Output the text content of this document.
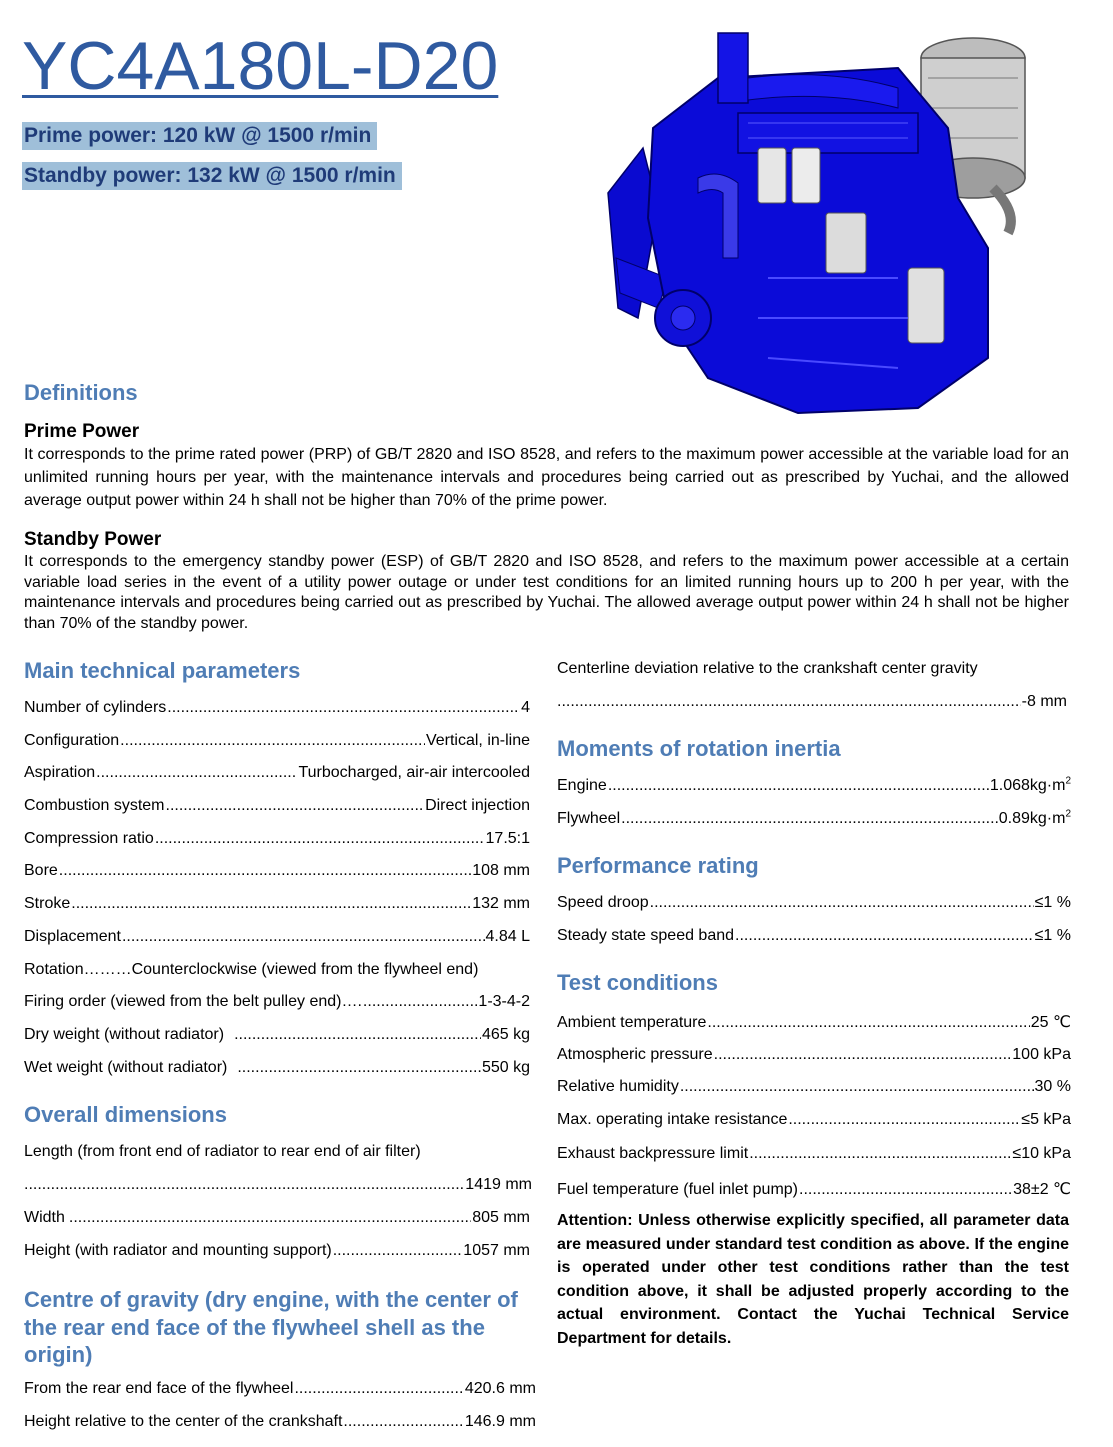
YC4A180L-D20
Prime power: 120 kW @ 1500 r/min
Standby power: 132 kW @ 1500 r/min
Definitions
Prime Power
It corresponds to the prime rated power (PRP) of GB/T 2820 and ISO 8528, and refers to the maximum power accessible at the variable load for an unlimited running hours per year, with the maintenance intervals and procedures being carried out as prescribed by Yuchai, and the allowed average output power within 24 h shall not be higher than 70% of the prime power.
Standby Power
It corresponds to the emergency standby power (ESP) of GB/T 2820 and ISO 8528, and refers to the maximum power accessible at a certain variable load series in the event of a utility power outage or under test conditions for an limited running hours up to 200 h per year, with the maintenance intervals and procedures being carried out as prescribed by Yuchai. The allowed average output power within 24 h shall not be higher than 70% of the standby power.
Main technical parameters
Number of cylinders .....	4
Configuration .....	Vertical, in-line
Aspiration .....	Turbocharged, air-air intercooled
Combustion system .....	Direct injection
Compression ratio .....	17.5:1
Bore .....	108 mm
Stroke .....	132 mm
Displacement .....	4.84 L
Rotation………Counterclockwise (viewed from the flywheel end)
Firing order (viewed from the belt pulley end)…. .....	1-3-4-2
Dry weight (without radiator) .....	465 kg
Wet weight (without radiator) .....	550 kg
Overall dimensions
Length (from front end of radiator to rear end of air filter)
.....
1419 mm
Width .....	805 mm
Height (with radiator and mounting support) .....	1057 mm
Centre of gravity (dry engine, with the center of the rear end face of the flywheel shell as the origin)
From the rear end face of the flywheel .....	420.6 mm
Height relative to the center of the crankshaft .....	146.9 mm
Centerline deviation relative to the crankshaft center gravity
.....
-8 mm
Moments of rotation inertia
Engine .....	$1.068kg\cdot m^2$
Flywheel .....	$0.89kg\cdot m^2$
Performance rating
Speed droop .....	≤1 %
Steady state speed band .....	≤1 %
Test conditions
Ambient temperature .....	25 ℃
Atmospheric pressure .....	100 kPa
Relative humidity .....	30 %
Max. operating intake resistance .....	≤5 kPa
Exhaust backpressure limit .....	≤10 kPa
Fuel temperature (fuel inlet pump) .....	38±2 ℃
Attention: Unless otherwise explicitly specified, all parameter data are measured under standard test condition as above. If the engine is operated under other test conditions rather than the test condition above, it shall be adjusted properly according to the actual environment. Contact the Yuchai Technical Service Department for details.
